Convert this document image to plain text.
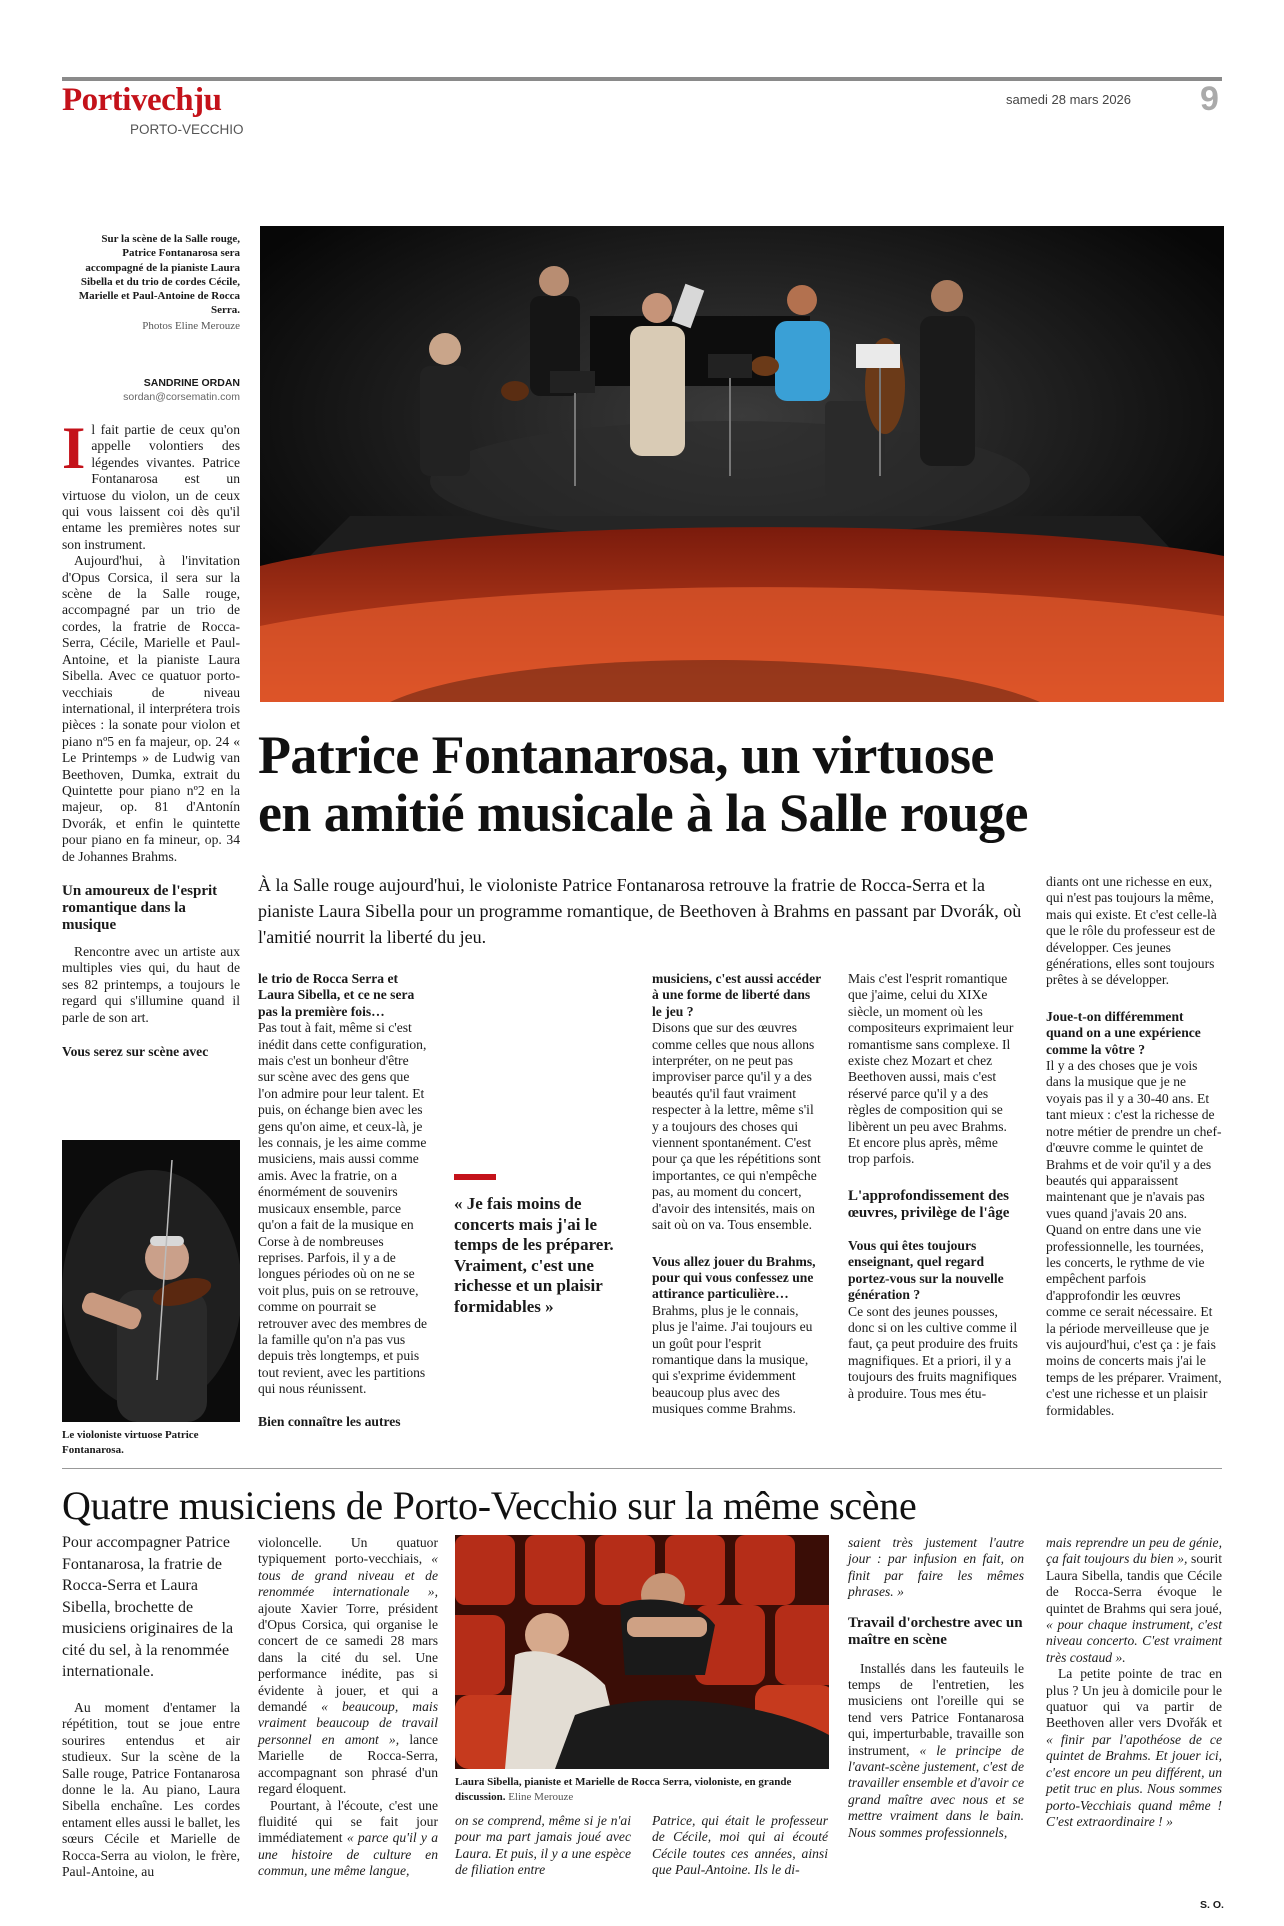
Portivechju
PORTO-VECCHIO
samedi 28 mars 2026 9
Sur la scène de la Salle rouge, Patrice Fontanarosa sera accompagné de la pianiste Laura Sibella et du trio de cordes Cécile, Marielle et Paul-Antoine de Rocca Serra.
Photos Eline Merouze
SANDRINE ORDAN
sordan@corsematin.com

Il fait partie de ceux qu'on appelle volontiers des légendes vivantes. Patrice Fontanarosa est un virtuose du violon, un de ceux qui vous laissent coi dès qu'il entame les premières notes sur son instrument.

Aujourd'hui, à l'invitation d'Opus Corsica, il sera sur la scène de la Salle rouge, accompagné par un trio de cordes, la fratrie de Rocca-Serra, Cécile, Marielle et Paul-Antoine, et la pianiste Laura Sibella. Avec ce quatuor porto-vecchiais de niveau international, il interprétera trois pièces : la sonate pour violon et piano nº5 en fa majeur, op. 24 « Le Printemps » de Ludwig van Beethoven, Dumka, extrait du Quintette pour piano nº2 en la majeur, op. 81 d'Antonín Dvorák, et enfin le quintette pour piano en fa mineur, op. 34 de Johannes Brahms.

Un amoureux de l'esprit romantique dans la musique

Rencontre avec un artiste aux multiples vies qui, du haut de ses 82 printemps, a toujours le regard qui s'illumine quand il parle de son art.

Vous serez sur scène avec

Le violoniste virtuose Patrice Fontanarosa.
Patrice Fontanarosa, un virtuose
en amitié musicale à la Salle rouge
À la Salle rouge aujourd'hui, le violoniste Patrice Fontanarosa retrouve la fratrie de Rocca-Serra et la pianiste Laura Sibella pour un programme romantique, de Beethoven à Brahms en passant par Dvorák, où l'amitié nourrit la liberté du jeu.

le trio de Rocca Serra et Laura Sibella, et ce ne sera pas la première fois…

Pas tout à fait, même si c'est inédit dans cette configuration, mais c'est un bonheur d'être sur scène avec des gens que l'on admire pour leur talent. Et puis, on échange bien avec les gens qu'on aime, et ceux-là, je les connais, je les aime comme musiciens, mais aussi comme amis. Avec la fratrie, on a énormément de souvenirs musicaux ensemble, parce qu'on a fait de la musique en Corse à de nombreuses reprises. Parfois, il y a de longues périodes où on ne se voit plus, puis on se retrouve, comme on pourrait se retrouver avec des membres de la famille qu'on n'a pas vus depuis très longtemps, et puis tout revient, avec les partitions qui nous réunissent.

Bien connaître les autres

« Je fais moins de concerts mais j'ai le temps de les préparer. Vraiment, c'est une richesse et un plaisir formidables »

musiciens, c'est aussi accéder à une forme de liberté dans le jeu ?

Disons que sur des œuvres comme celles que nous allons interpréter, on ne peut pas improviser parce qu'il y a des beautés qu'il faut vraiment respecter à la lettre, même s'il y a toujours des choses qui viennent spontanément. C'est pour ça que les répétitions sont importantes, ce qui n'empêche pas, au moment du concert, d'avoir des intensités, mais on sait où on va. Tous ensemble.

Vous allez jouer du Brahms, pour qui vous confessez une attirance particulière…

Brahms, plus je le connais, plus je l'aime. J'ai toujours eu un goût pour l'esprit romantique dans la musique, qui s'exprime évidemment beaucoup plus avec des musiques comme Brahms.

Mais c'est l'esprit romantique que j'aime, celui du XIXe siècle, un moment où les compositeurs exprimaient leur romantisme sans complexe. Il existe chez Mozart et chez Beethoven aussi, mais c'est réservé parce qu'il y a des règles de composition qui se libèrent un peu avec Brahms. Et encore plus après, même trop parfois.

L'approfondissement des œuvres, privilège de l'âge

Vous qui êtes toujours enseignant, quel regard portez-vous sur la nouvelle génération ?

Ce sont des jeunes pousses, donc si on les cultive comme il faut, ça peut produire des fruits magnifiques. Et a priori, il y a toujours des fruits magnifiques à produire. Tous mes étu-

diants ont une richesse en eux, qui n'est pas toujours la même, mais qui existe. Et c'est celle-là que le rôle du professeur est de développer. Ces jeunes générations, elles sont toujours prêtes à se développer.

Joue-t-on différemment quand on a une expérience comme la vôtre ?

Il y a des choses que je vois dans la musique que je ne voyais pas il y a 30-40 ans. Et tant mieux : c'est la richesse de notre métier de prendre un chef-d'œuvre comme le quintet de Brahms et de voir qu'il y a des beautés qui apparaissent maintenant que je n'avais pas vues quand j'avais 20 ans.

Quand on entre dans une vie professionnelle, les tournées, les concerts, le rythme de vie empêchent parfois d'approfondir les œuvres comme ce serait nécessaire. Et la période merveilleuse que je vis aujourd'hui, c'est ça : je fais moins de concerts mais j'ai le temps de les préparer. Vraiment, c'est une richesse et un plaisir formidables.

Quatre musiciens de Porto-Vecchio sur la même scène
Pour accompagner Patrice Fontanarosa, la fratrie de Rocca-Serra et Laura Sibella, brochette de musiciens originaires de la cité du sel, à la renommée internationale.

Au moment d'entamer la répétition, tout se joue entre sourires entendus et air studieux. Sur la scène de la Salle rouge, Patrice Fontanarosa donne le la. Au piano, Laura Sibella enchaîne. Les cordes entament elles aussi le ballet, les sœurs Cécile et Marielle de Rocca-Serra au violon, le frère, Paul-Antoine, au

violoncelle. Un quatuor typiquement porto-vecchiais, « tous de grand niveau et de renommée internationale », ajoute Xavier Torre, président d'Opus Corsica, qui organise le concert de ce samedi 28 mars dans la cité du sel. Une performance inédite, pas si évidente à jouer, et qui a demandé « beaucoup, mais vraiment beaucoup de travail personnel en amont », lance Marielle de Rocca-Serra, accompagnant son phrasé d'un regard éloquent.

Pourtant, à l'écoute, c'est une fluidité qui se fait jour immédiatement « parce qu'il y a une histoire de culture en commun, une même langue,

Laura Sibella, pianiste et Marielle de Rocca Serra, violoniste, en grande discussion. Eline Merouze

on se comprend, même si je n'ai pour ma part jamais joué avec Laura. Et puis, il y a une espèce de filiation entre

Patrice, qui était le professeur de Cécile, moi qui ai écouté Cécile toutes ces années, ainsi que Paul-Antoine. Ils le di-

saient très justement l'autre jour : par infusion en fait, on finit par faire les mêmes phrases. »

Travail d'orchestre avec un maître en scène

Installés dans les fauteuils le temps de l'entretien, les musiciens ont l'oreille qui se tend vers Patrice Fontanarosa qui, imperturbable, travaille son instrument, « le principe de l'avant-scène justement, c'est de travailler ensemble et d'avoir ce grand maître avec nous et se mettre vraiment dans le bain. Nous sommes professionnels,

mais reprendre un peu de génie, ça fait toujours du bien », sourit Laura Sibella, tandis que Cécile de Rocca-Serra évoque le quintet de Brahms qui sera joué, « pour chaque instrument, c'est niveau concerto. C'est vraiment très costaud ».

La petite pointe de trac en plus ? Un jeu à domicile pour le quatuor qui va partir de Beethoven aller vers Dvořák et « finir par l'apothéose de ce quintet de Brahms. Et jouer ici, c'est encore un peu différent, un petit truc en plus. Nous sommes porto-Vecchiais quand même ! C'est extraordinaire ! »

S. O.
